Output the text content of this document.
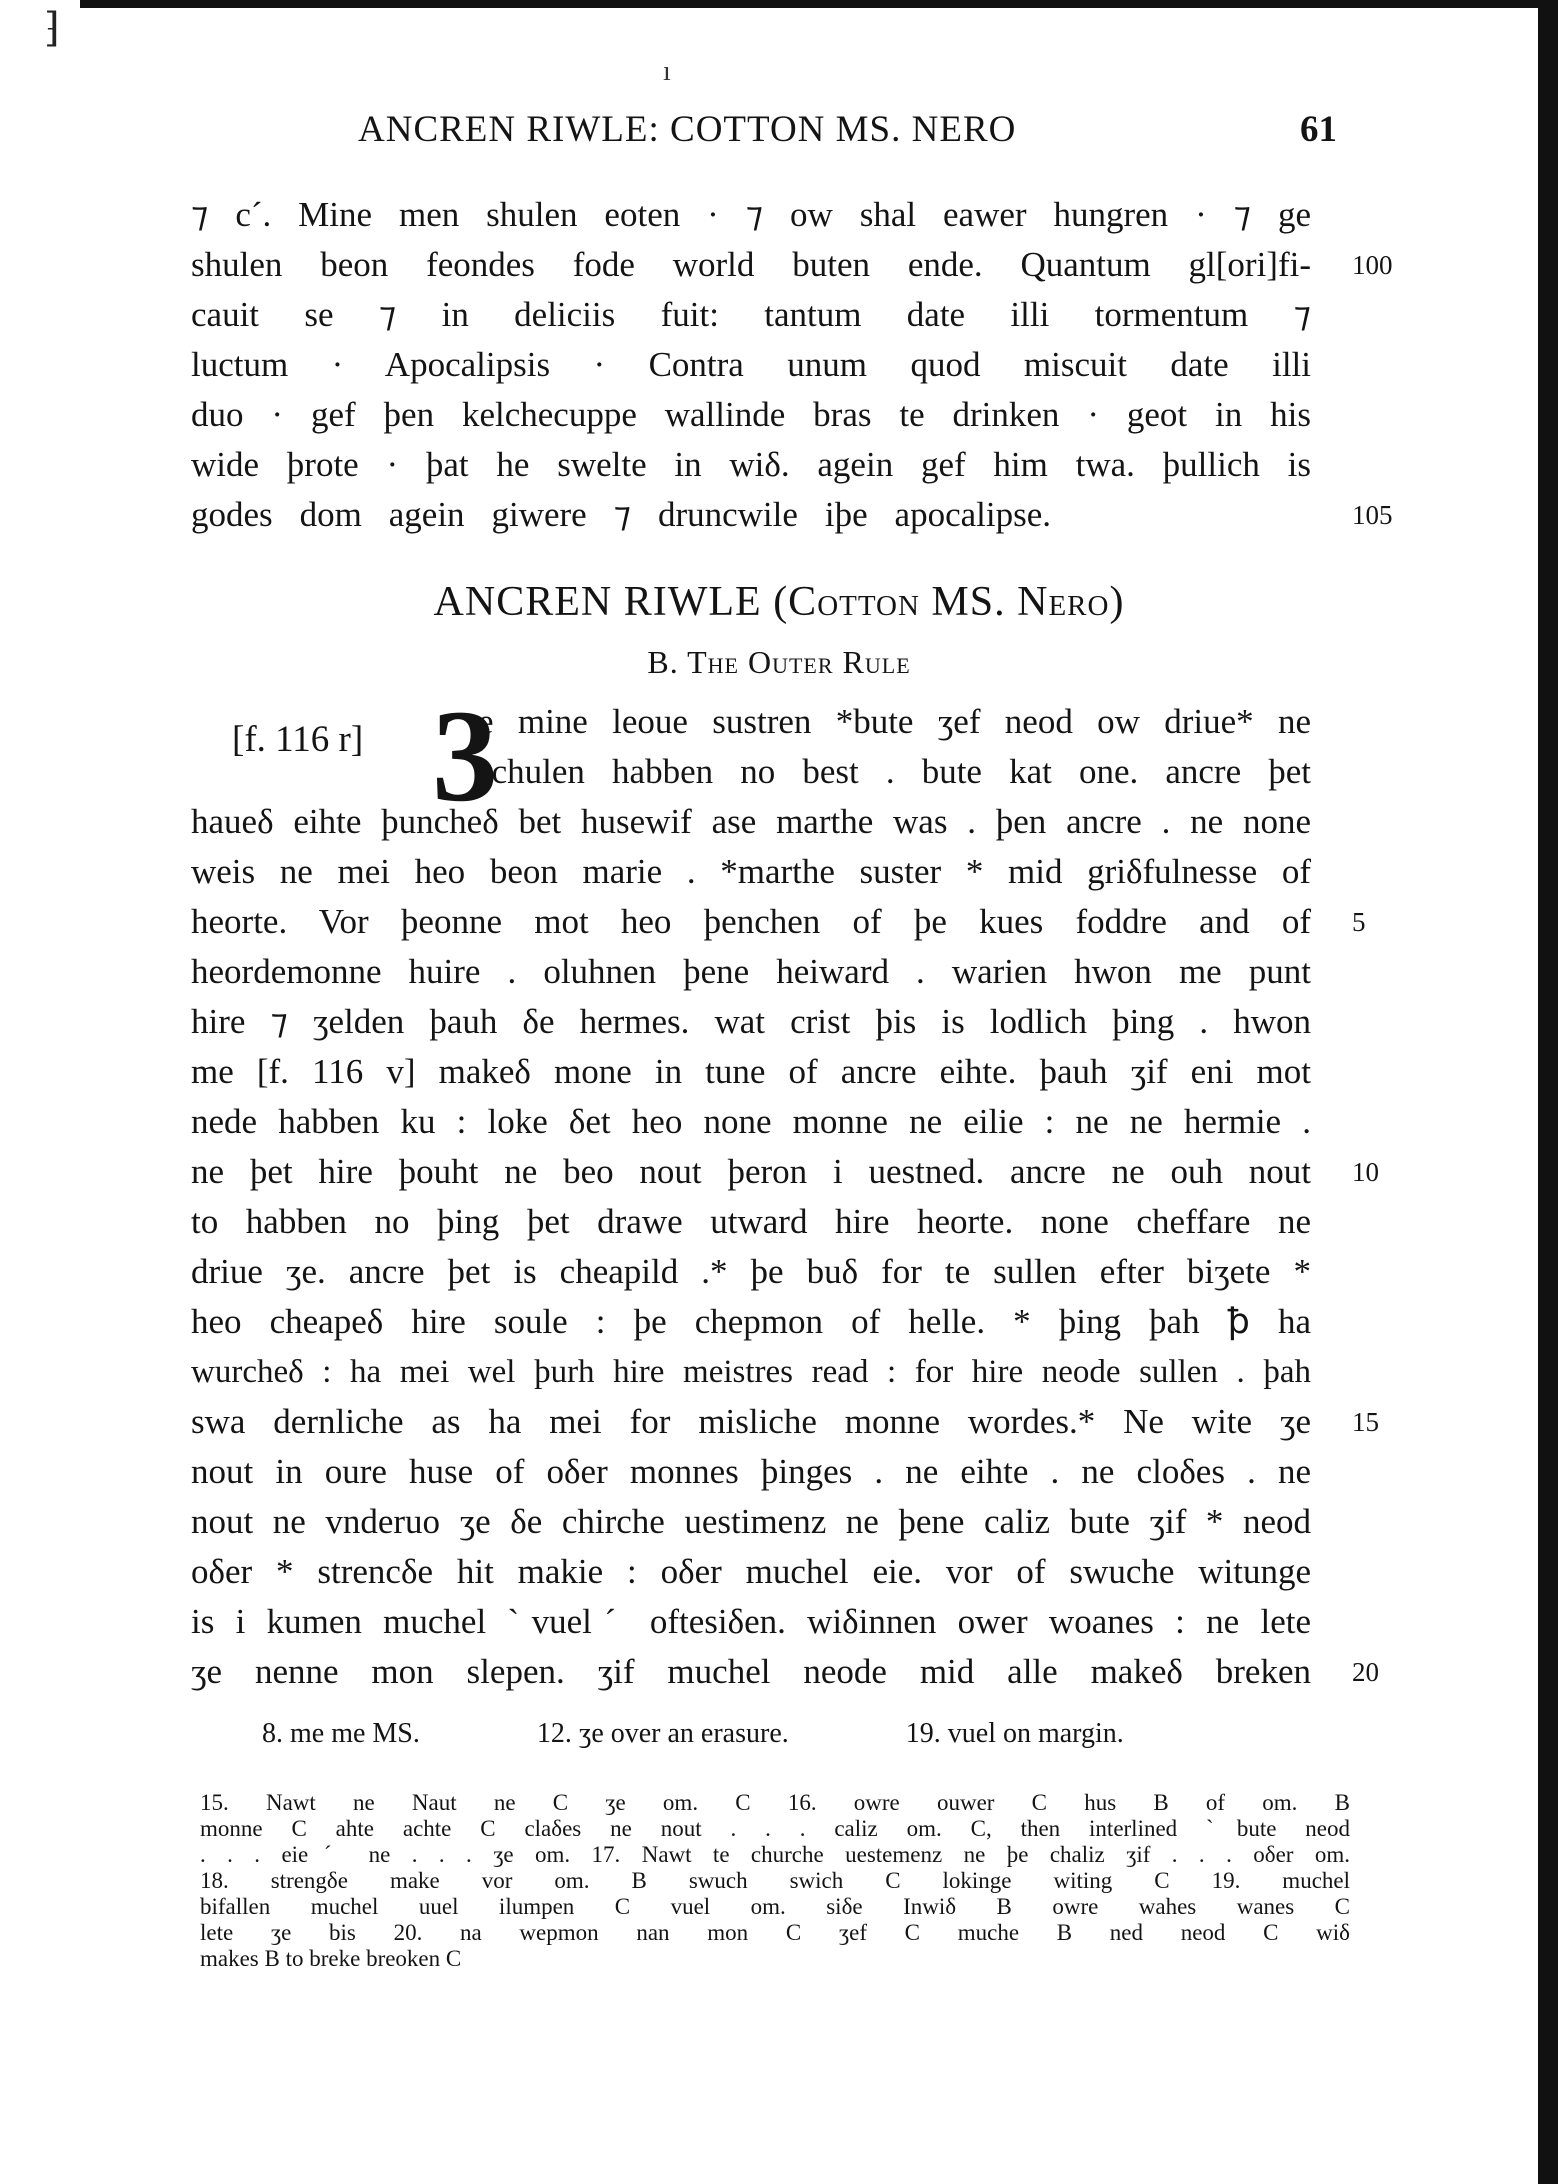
⁆
ı
ANCREN RIWLE: COTTON MS. NERO	61
⁊ c´. Mine men shulen eoten · ⁊ ow shal eawer hungren · ⁊ ge
shulen beon feondes fode world buten ende. Quantum gl[ori]fi- 100
cauit se ⁊ in deliciis fuit: tantum date illi tormentum ⁊
luctum · Apocalipsis · Contra unum quod miscuit date illi
duo · gef þen kelchecuppe wallinde bras te drinken · geot in his
wide þrote · þat he swelte in wiδ. agein gef him twa. þullich is
godes dom agein giwere ⁊ druncwile iþe apocalipse.	105
ANCREN RIWLE (Cotton MS. Nero)
B. The Outer Rule
[f. 116 r] 3
e mine leoue sustren *bute ʒef neod ow driue* ne
schulen habben no best . bute kat one. ancre þet
haueδ eihte þuncheδ bet husewif ase marthe was . þen ancre . ne none
weis ne mei heo beon marie . *marthe suster * mid griδfulnesse of
heorte. Vor þeonne mot heo þenchen of þe kues foddre and of 5
heordemonne huire . oluhnen þene heiward . warien hwon me punt
hire ⁊ ʒelden þauh δe hermes. wat crist þis is lodlich þing . hwon
me [f. 116 v] makeδ mone in tune of ancre eihte. þauh ʒif eni mot
nede habben ku : loke δet heo none monne ne eilie : ne ne hermie .
ne þet hire þouht ne beo nout þeron i uestned. ancre ne ouh nout 10
to habben no þing þet drawe utward hire heorte. none cheffare ne
driue ʒe. ancre þet is cheapild .* þe buδ for te sullen efter biʒete *
heo cheapeδ hire soule : þe chepmon of helle. * þing þah ꝥ ha
wurcheδ : ha mei wel þurh hire meistres read : for hire neode sullen . þah
swa dernliche as ha mei for misliche monne wordes.* Ne wite ʒe 15
nout in oure huse of oδer monnes þinges . ne eihte . ne cloδes . ne
nout ne vnderuo ʒe δe chirche uestimenz ne þene caliz bute ʒif * neod
oδer * strencδe hit makie : oδer muchel eie. vor of swuche witunge
is i kumen muchel ˋvuelˊ oftesiδen. wiδinnen ower woanes : ne lete
ʒe nenne mon slepen. ʒif muchel neode mid alle makeδ breken 20
8. me me MS.	12. ʒe over an erasure.	19. vuel on margin.
15. Nawt ne Naut ne C ʒe om. C 16. owre ouwer C hus B of om. B
monne C ahte achte C claδes ne nout . . . caliz om. C, then interlined ˋbute neod
. . . eieˊ ne . . . ʒe om. 17. Nawt te churche uestemenz ne þe chaliz ʒif . . . oδer om.
18. strengδe make vor om. B swuch swich C lokinge witing C 19. muchel
bifallen muchel uuel ilumpen C vuel om. siδe Inwiδ B owre wahes wanes C
lete ʒe bis 20. na wepmon nan mon C ʒef C muche B ned neod C wiδ
makes B to breke breoken C
